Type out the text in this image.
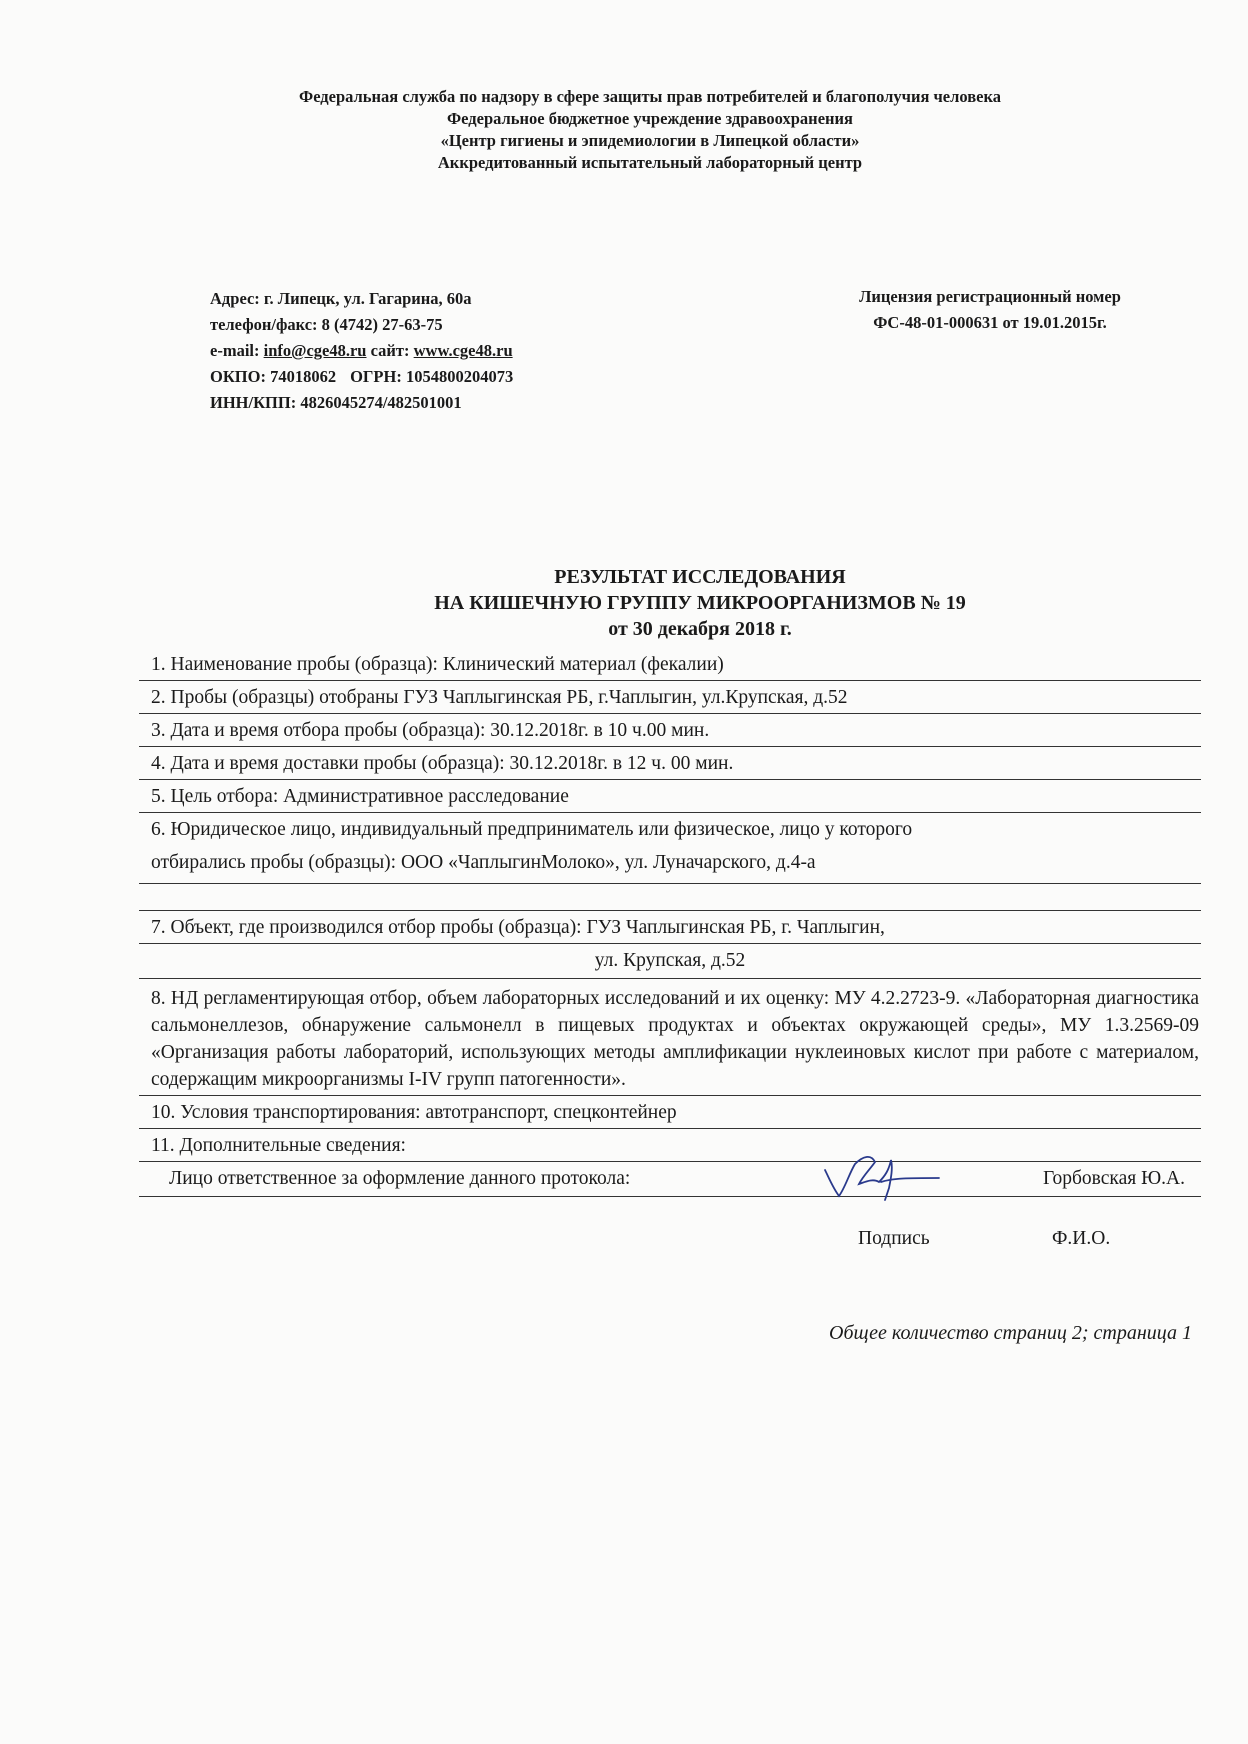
Федеральная служба по надзору в сфере защиты прав потребителей и благополучия человека
Федеральное бюджетное учреждение здравоохранения
«Центр гигиены и эпидемиологии в Липецкой области»
Аккредитованный испытательный лабораторный центр
Адрес: г. Липецк, ул. Гагарина, 60а
телефон/факс: 8 (4742) 27-63-75
e-mail: info@cge48.ru сайт: www.cge48.ru
ОКПО: 74018062 ОГРН: 1054800204073
ИНН/КПП: 4826045274/482501001
Лицензия регистрационный номер
ФС-48-01-000631 от 19.01.2015г.
РЕЗУЛЬТАТ ИССЛЕДОВАНИЯ
НА КИШЕЧНУЮ ГРУППУ МИКРООРГАНИЗМОВ № 19
от 30 декабря 2018 г.
1. Наименование пробы (образца): Клинический материал (фекалии)
2. Пробы (образцы) отобраны ГУЗ Чаплыгинская РБ, г.Чаплыгин, ул.Крупская, д.52
3. Дата и время отбора пробы (образца): 30.12.2018г. в 10 ч.00 мин.
4. Дата и время доставки пробы (образца): 30.12.2018г. в 12 ч. 00 мин.
5. Цель отбора: Административное расследование
6. Юридическое лицо, индивидуальный предприниматель или физическое, лицо у которого
отбирались пробы (образцы): ООО «ЧаплыгинМолоко», ул. Луначарского, д.4-а
7. Объект, где производился отбор пробы (образца): ГУЗ Чаплыгинская РБ, г. Чаплыгин,
ул. Крупская, д.52
8. НД регламентирующая отбор, объем лабораторных исследований и их оценку: МУ 4.2.2723-9. «Лабораторная диагностика сальмонеллезов, обнаружение сальмонелл в пищевых продуктах и объектах окружающей среды», МУ 1.3.2569-09 «Организация работы лабораторий, использующих методы амплификации нуклеиновых кислот при работе с материалом, содержащим микроорганизмы I-IV групп патогенности».
10. Условия транспортирования: автотранспорт, спецконтейнер
11. Дополнительные сведения:
Лицо ответственное за оформление данного протокола:	Горбовская Ю.А.
Подпись	Ф.И.О.
Общее количество страниц 2; страница 1
